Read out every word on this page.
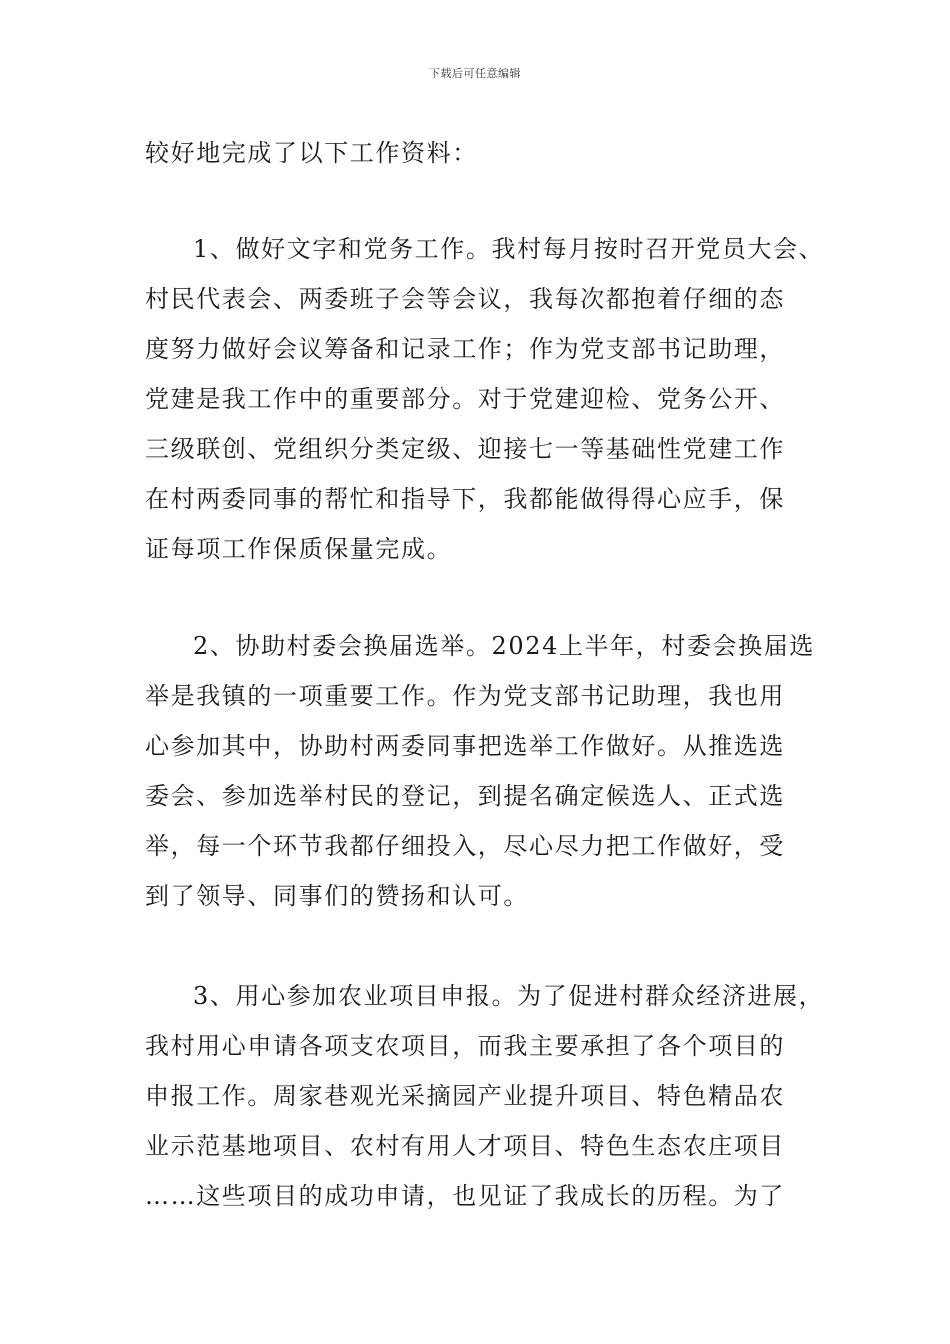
下载后可任意编辑
较好地完成了以下工作资料：
1、做好文字和党务工作。我村每月按时召开党员大会、
村民代表会、两委班子会等会议，我每次都抱着仔细的态
度努力做好会议筹备和记录工作；作为党支部书记助理，
党建是我工作中的重要部分。对于党建迎检、党务公开、
三级联创、党组织分类定级、迎接七一等基础性党建工作
在村两委同事的帮忙和指导下，我都能做得得心应手，保
证每项工作保质保量完成。
2、协助村委会换届选举。2024上半年，村委会换届选
举是我镇的一项重要工作。作为党支部书记助理，我也用
心参加其中，协助村两委同事把选举工作做好。从推选选
委会、参加选举村民的登记，到提名确定候选人、正式选
举，每一个环节我都仔细投入，尽心尽力把工作做好，受
到了领导、同事们的赞扬和认可。
3、用心参加农业项目申报。为了促进村群众经济进展，
我村用心申请各项支农项目，而我主要承担了各个项目的
申报工作。周家巷观光采摘园产业提升项目、特色精品农
业示范基地项目、农村有用人才项目、特色生态农庄项目
……这些项目的成功申请，也见证了我成长的历程。为了
